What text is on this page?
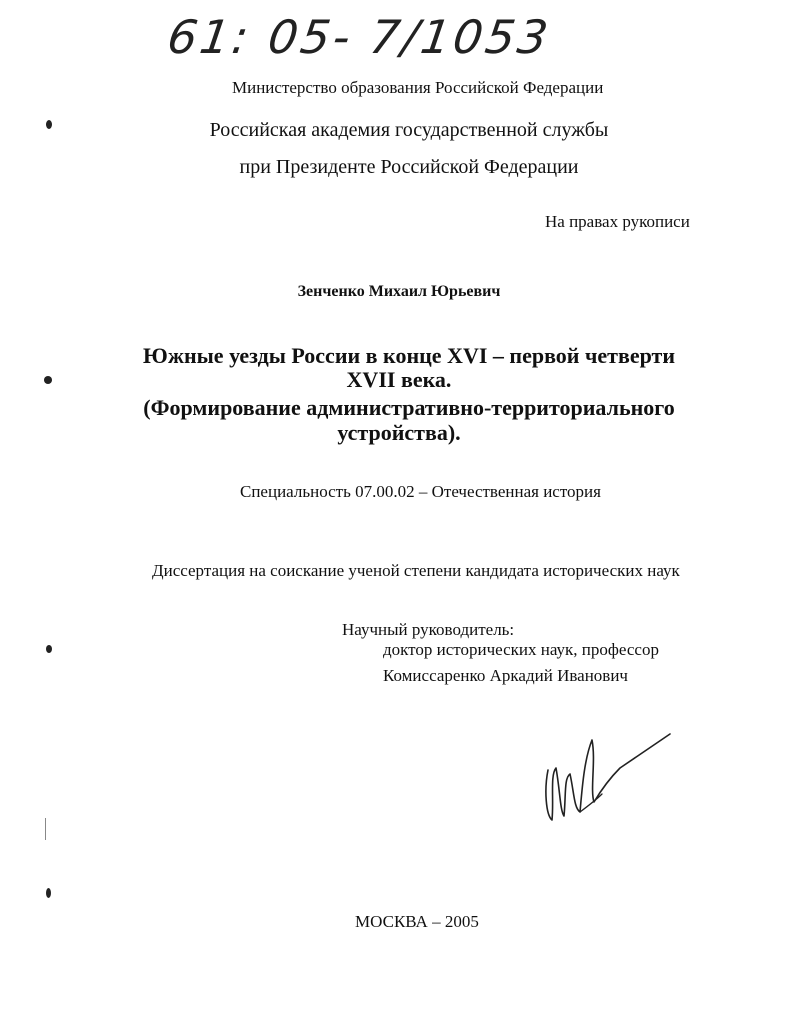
61: 05- 7/1053
Министерство образования Российской Федерации
Российская академия государственной службы
при Президенте Российской Федерации
На правах рукописи
Зенченко Михаил Юрьевич
Южные уезды России в конце XVI – первой четверти
XVII века.
(Формирование административно-территориального
устройства).
Специальность 07.00.02 – Отечественная история
Диссертация на соискание ученой степени кандидата исторических наук
Научный руководитель:
доктор исторических наук, профессор
Комиссаренко Аркадий Иванович
МОСКВА – 2005
